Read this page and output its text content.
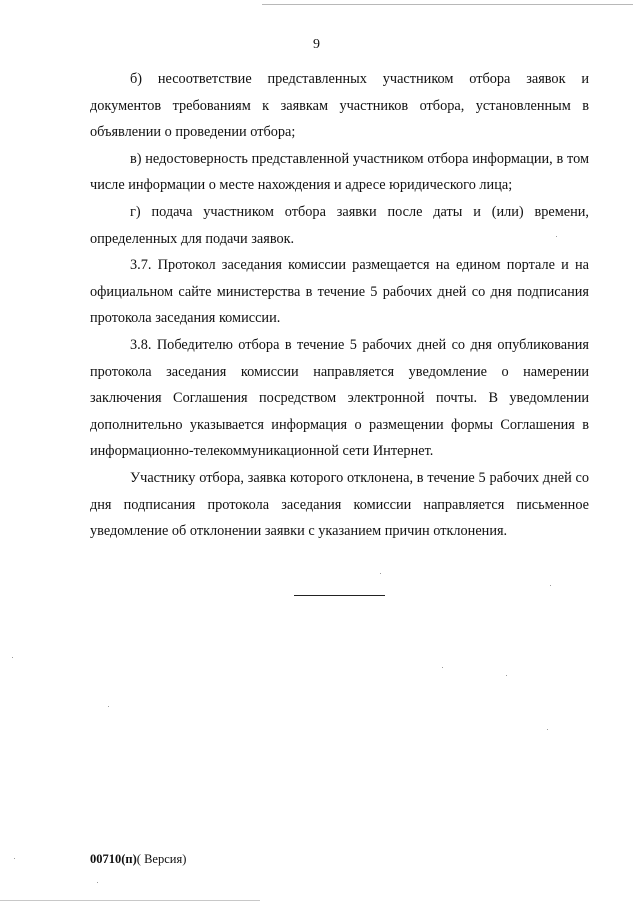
9

б) несоответствие представленных участником отбора заявок и документов требованиям к заявкам участников отбора, установленным в объявлении о проведении отбора;

в) недостоверность представленной участником отбора информации, в том числе информации о месте нахождения и адресе юридического лица;

г) подача участником отбора заявки после даты и (или) времени, определенных для подачи заявок.

3.7. Протокол заседания комиссии размещается на едином портале и на официальном сайте министерства в течение 5 рабочих дней со дня подписания протокола заседания комиссии.

3.8. Победителю отбора в течение 5 рабочих дней со дня опубликования протокола заседания комиссии направляется уведомление о намерении заключения Соглашения посредством электронной почты. В уведомлении дополнительно указывается информация о размещении формы Соглашения в информационно-телекоммуникационной сети Интернет.

Участнику отбора, заявка которого отклонена, в течение 5 рабочих дней со дня подписания протокола заседания комиссии направляется письменное уведомление об отклонении заявки с указанием причин отклонения.

00710(п)( Версия)
